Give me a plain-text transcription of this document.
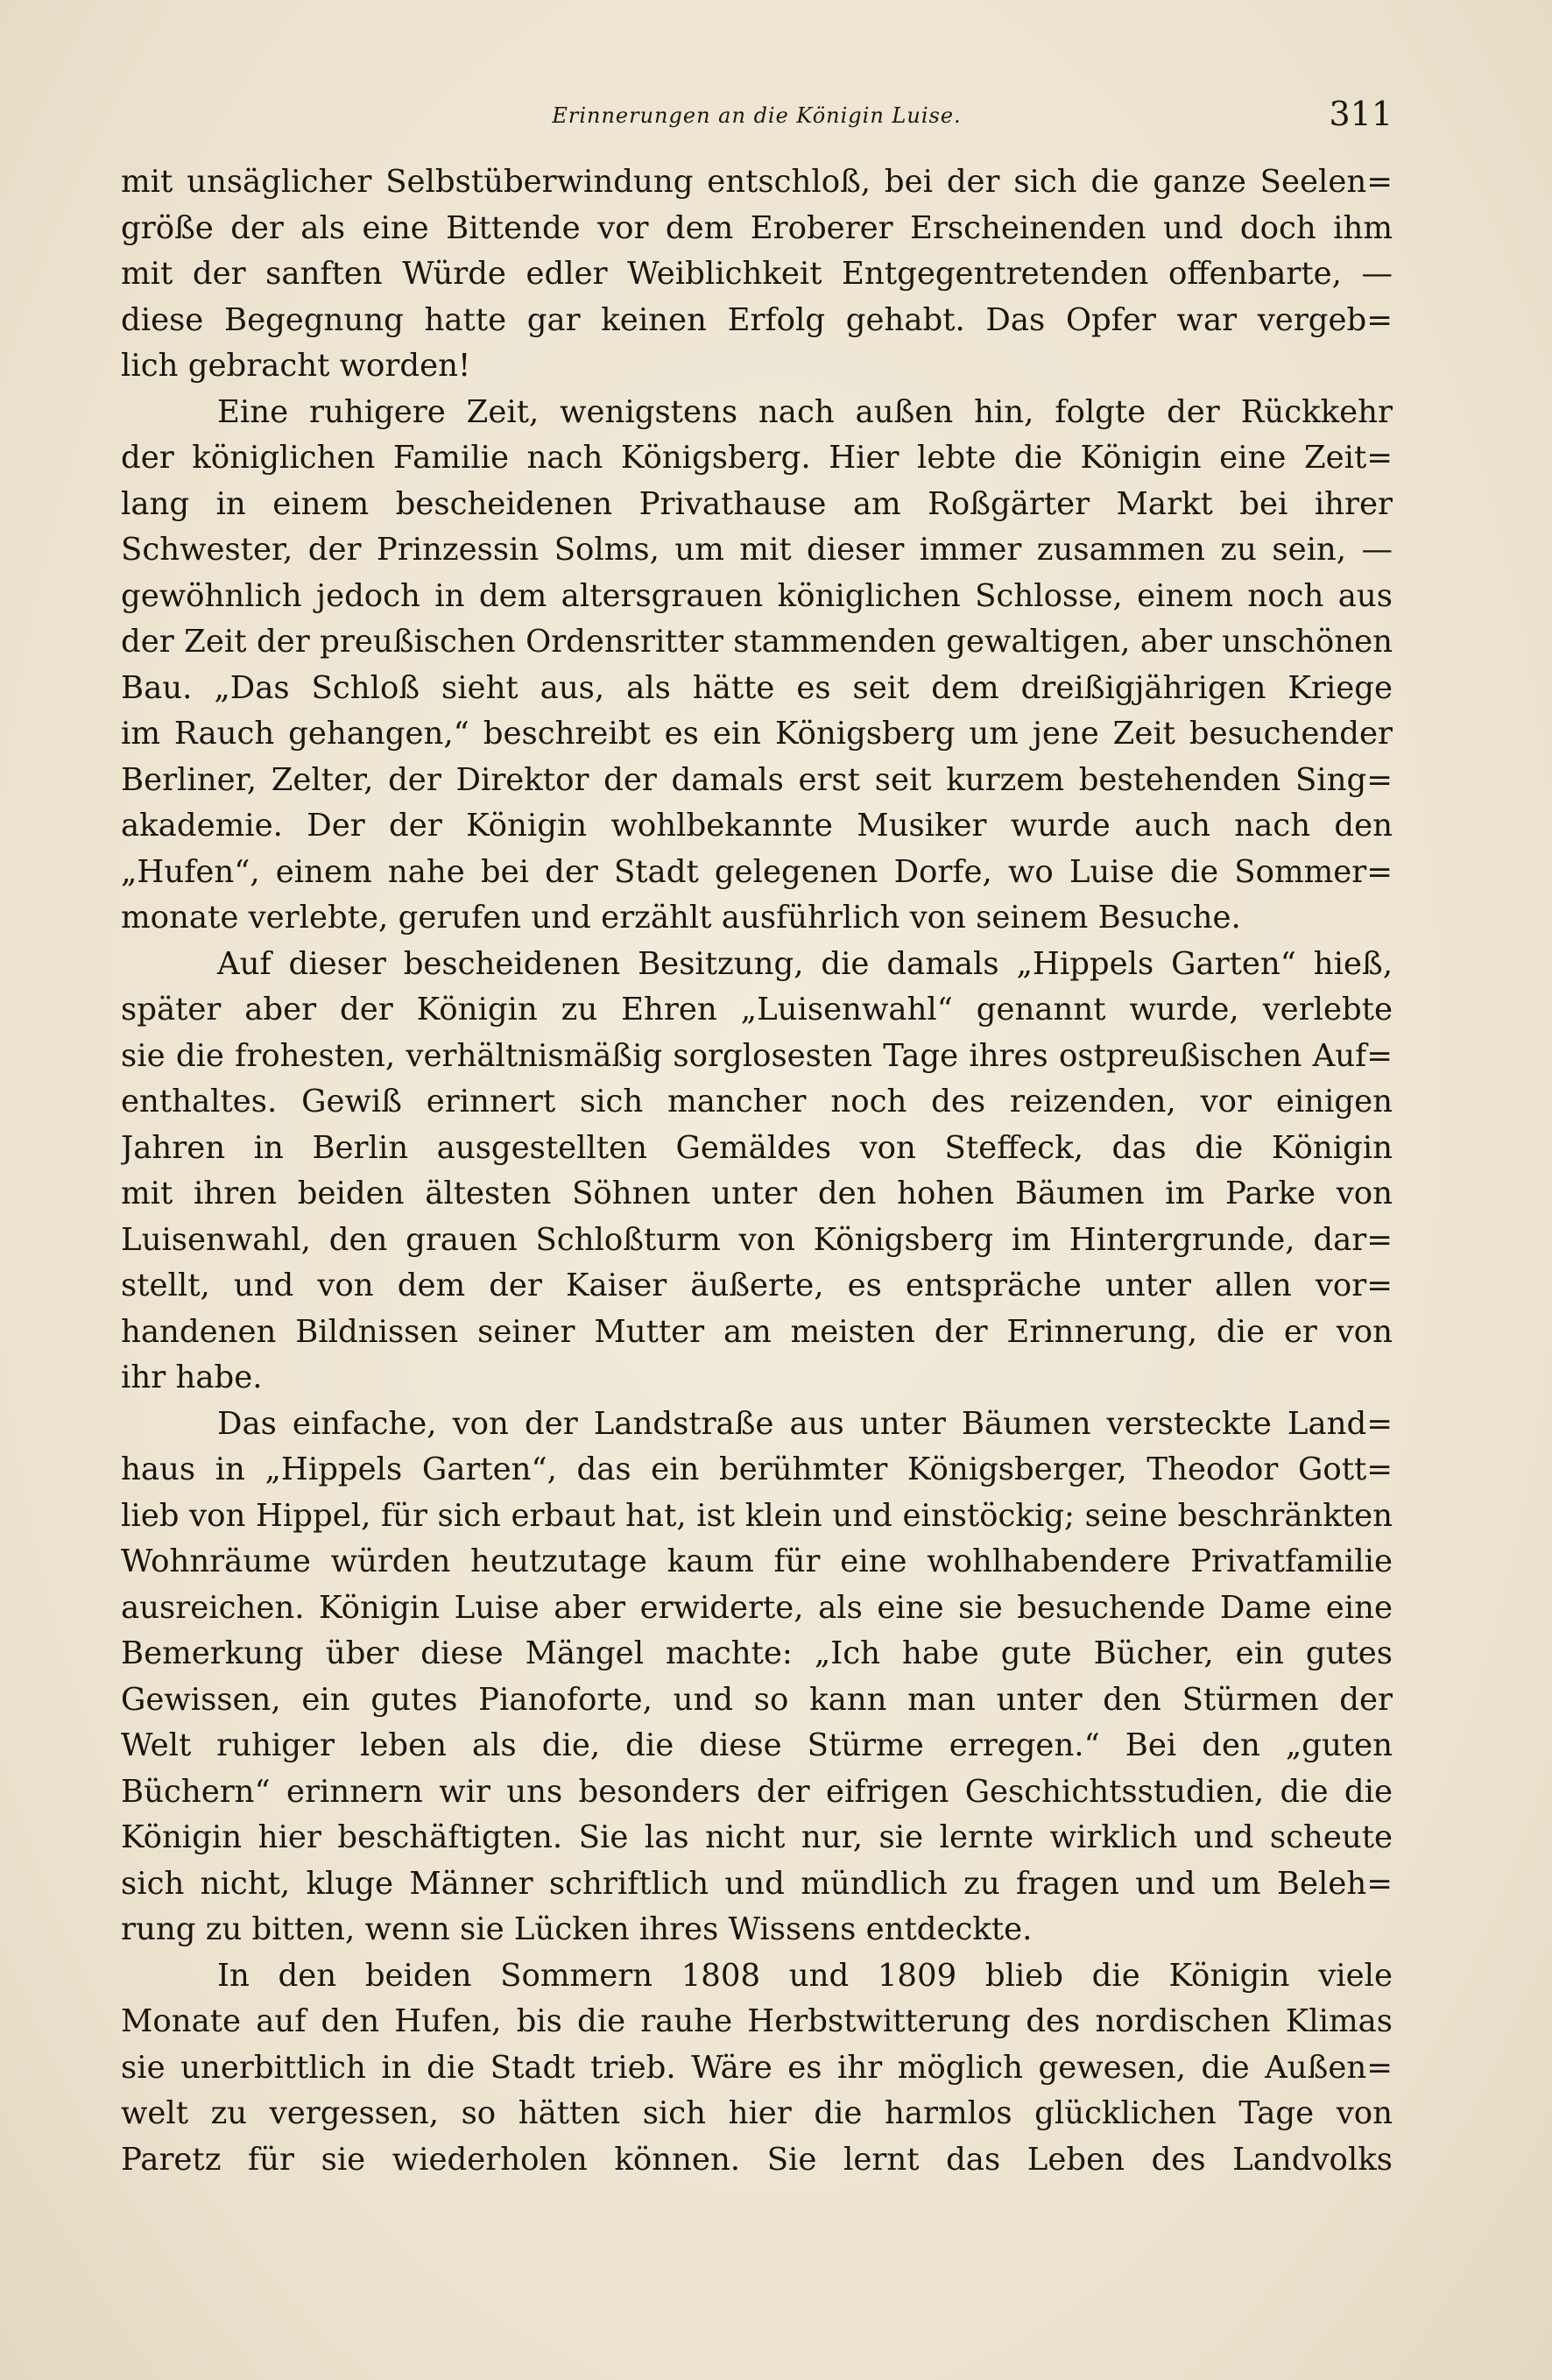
Erinnerungen an die Königin Luise.	311
mit unsäglicher Selbstüberwindung entschloß, bei der sich die ganze Seelen=
größe der als eine Bittende vor dem Eroberer Erscheinenden und doch ihm
mit der sanften Würde edler Weiblichkeit Entgegentretenden offenbarte, —
diese Begegnung hatte gar keinen Erfolg gehabt. Das Opfer war vergeb=
lich gebracht worden!
Eine ruhigere Zeit, wenigstens nach außen hin, folgte der Rückkehr
der königlichen Familie nach Königsberg. Hier lebte die Königin eine Zeit=
lang in einem bescheidenen Privathause am Roßgärter Markt bei ihrer
Schwester, der Prinzessin Solms, um mit dieser immer zusammen zu sein, —
gewöhnlich jedoch in dem altersgrauen königlichen Schlosse, einem noch aus
der Zeit der preußischen Ordensritter stammenden gewaltigen, aber unschönen
Bau. „Das Schloß sieht aus, als hätte es seit dem dreißigjährigen Kriege
im Rauch gehangen,“ beschreibt es ein Königsberg um jene Zeit besuchender
Berliner, Zelter, der Direktor der damals erst seit kurzem bestehenden Sing=
akademie. Der der Königin wohlbekannte Musiker wurde auch nach den
„Hufen“, einem nahe bei der Stadt gelegenen Dorfe, wo Luise die Sommer=
monate verlebte, gerufen und erzählt ausführlich von seinem Besuche.
Auf dieser bescheidenen Besitzung, die damals „Hippels Garten“ hieß,
später aber der Königin zu Ehren „Luisenwahl“ genannt wurde, verlebte
sie die frohesten, verhältnismäßig sorglosesten Tage ihres ostpreußischen Auf=
enthaltes. Gewiß erinnert sich mancher noch des reizenden, vor einigen
Jahren in Berlin ausgestellten Gemäldes von Steffeck, das die Königin
mit ihren beiden ältesten Söhnen unter den hohen Bäumen im Parke von
Luisenwahl, den grauen Schloßturm von Königsberg im Hintergrunde, dar=
stellt, und von dem der Kaiser äußerte, es entspräche unter allen vor=
handenen Bildnissen seiner Mutter am meisten der Erinnerung, die er von
ihr habe.
Das einfache, von der Landstraße aus unter Bäumen versteckte Land=
haus in „Hippels Garten“, das ein berühmter Königsberger, Theodor Gott=
lieb von Hippel, für sich erbaut hat, ist klein und einstöckig; seine beschränkten
Wohnräume würden heutzutage kaum für eine wohlhabendere Privatfamilie
ausreichen. Königin Luise aber erwiderte, als eine sie besuchende Dame eine
Bemerkung über diese Mängel machte: „Ich habe gute Bücher, ein gutes
Gewissen, ein gutes Pianoforte, und so kann man unter den Stürmen der
Welt ruhiger leben als die, die diese Stürme erregen.“ Bei den „guten
Büchern“ erinnern wir uns besonders der eifrigen Geschichtsstudien, die die
Königin hier beschäftigten. Sie las nicht nur, sie lernte wirklich und scheute
sich nicht, kluge Männer schriftlich und mündlich zu fragen und um Beleh=
rung zu bitten, wenn sie Lücken ihres Wissens entdeckte.
In den beiden Sommern 1808 und 1809 blieb die Königin viele
Monate auf den Hufen, bis die rauhe Herbstwitterung des nordischen Klimas
sie unerbittlich in die Stadt trieb. Wäre es ihr möglich gewesen, die Außen=
welt zu vergessen, so hätten sich hier die harmlos glücklichen Tage von
Paretz für sie wiederholen können. Sie lernt das Leben des Landvolks
